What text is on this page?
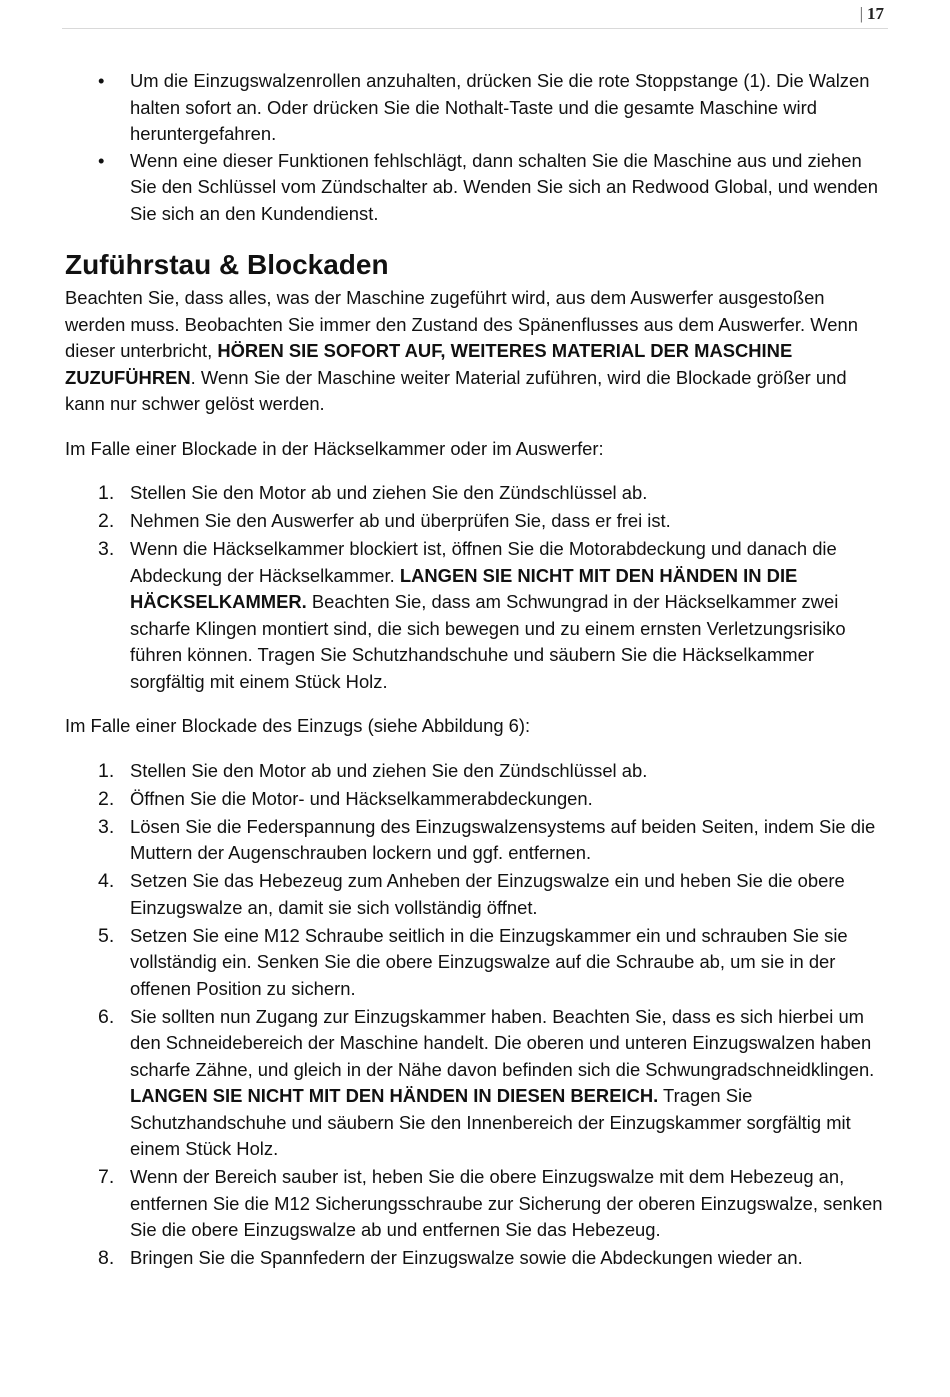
| 17
• Um die Einzugswalzenrollen anzuhalten, drücken Sie die rote Stoppstange (1). Die Walzen halten sofort an. Oder drücken Sie die Nothalt-Taste und die gesamte Maschine wird heruntergefahren.
• Wenn eine dieser Funktionen fehlschlägt, dann schalten Sie die Maschine aus und ziehen Sie den Schlüssel vom Zündschalter ab. Wenden Sie sich an Redwood Global, und wenden Sie sich an den Kundendienst.
Zuführstau & Blockaden

Beachten Sie, dass alles, was der Maschine zugeführt wird, aus dem Auswerfer ausgestoßen werden muss. Beobachten Sie immer den Zustand des Spänenflusses aus dem Auswerfer. Wenn dieser unterbricht, HÖREN SIE SOFORT AUF, WEITERES MATERIAL DER MASCHINE ZUZUFÜHREN. Wenn Sie der Maschine weiter Material zuführen, wird die Blockade größer und kann nur schwer gelöst werden.

Im Falle einer Blockade in der Häckselkammer oder im Auswerfer:

1. Stellen Sie den Motor ab und ziehen Sie den Zündschlüssel ab.
2. Nehmen Sie den Auswerfer ab und überprüfen Sie, dass er frei ist.
3. Wenn die Häckselkammer blockiert ist, öffnen Sie die Motorabdeckung und danach die Abdeckung der Häckselkammer. LANGEN SIE NICHT MIT DEN HÄNDEN IN DIE HÄCKSELKAMMER. Beachten Sie, dass am Schwungrad in der Häckselkammer zwei scharfe Klingen montiert sind, die sich bewegen und zu einem ernsten Verletzungsrisiko führen können. Tragen Sie Schutzhandschuhe und säubern Sie die Häckselkammer sorgfältig mit einem Stück Holz.

Im Falle einer Blockade des Einzugs (siehe Abbildung 6):

1. Stellen Sie den Motor ab und ziehen Sie den Zündschlüssel ab.
2. Öffnen Sie die Motor- und Häckselkammerabdeckungen.
3. Lösen Sie die Federspannung des Einzugswalzensystems auf beiden Seiten, indem Sie die Muttern der Augenschrauben lockern und ggf. entfernen.
4. Setzen Sie das Hebezeug zum Anheben der Einzugswalze ein und heben Sie die obere Einzugswalze an, damit sie sich vollständig öffnet.
5. Setzen Sie eine M12 Schraube seitlich in die Einzugskammer ein und schrauben Sie sie vollständig ein. Senken Sie die obere Einzugswalze auf die Schraube ab, um sie in der offenen Position zu sichern.
6. Sie sollten nun Zugang zur Einzugskammer haben. Beachten Sie, dass es sich hierbei um den Schneidebereich der Maschine handelt. Die oberen und unteren Einzugswalzen haben scharfe Zähne, und gleich in der Nähe davon befinden sich die Schwungradschneidklingen. LANGEN SIE NICHT MIT DEN HÄNDEN IN DIESEN BEREICH. Tragen Sie Schutzhandschuhe und säubern Sie den Innenbereich der Einzugskammer sorgfältig mit einem Stück Holz.
7. Wenn der Bereich sauber ist, heben Sie die obere Einzugswalze mit dem Hebezeug an, entfernen Sie die M12 Sicherungsschraube zur Sicherung der oberen Einzugswalze, senken Sie die obere Einzugswalze ab und entfernen Sie das Hebezeug.
8. Bringen Sie die Spannfedern der Einzugswalze sowie die Abdeckungen wieder an.
